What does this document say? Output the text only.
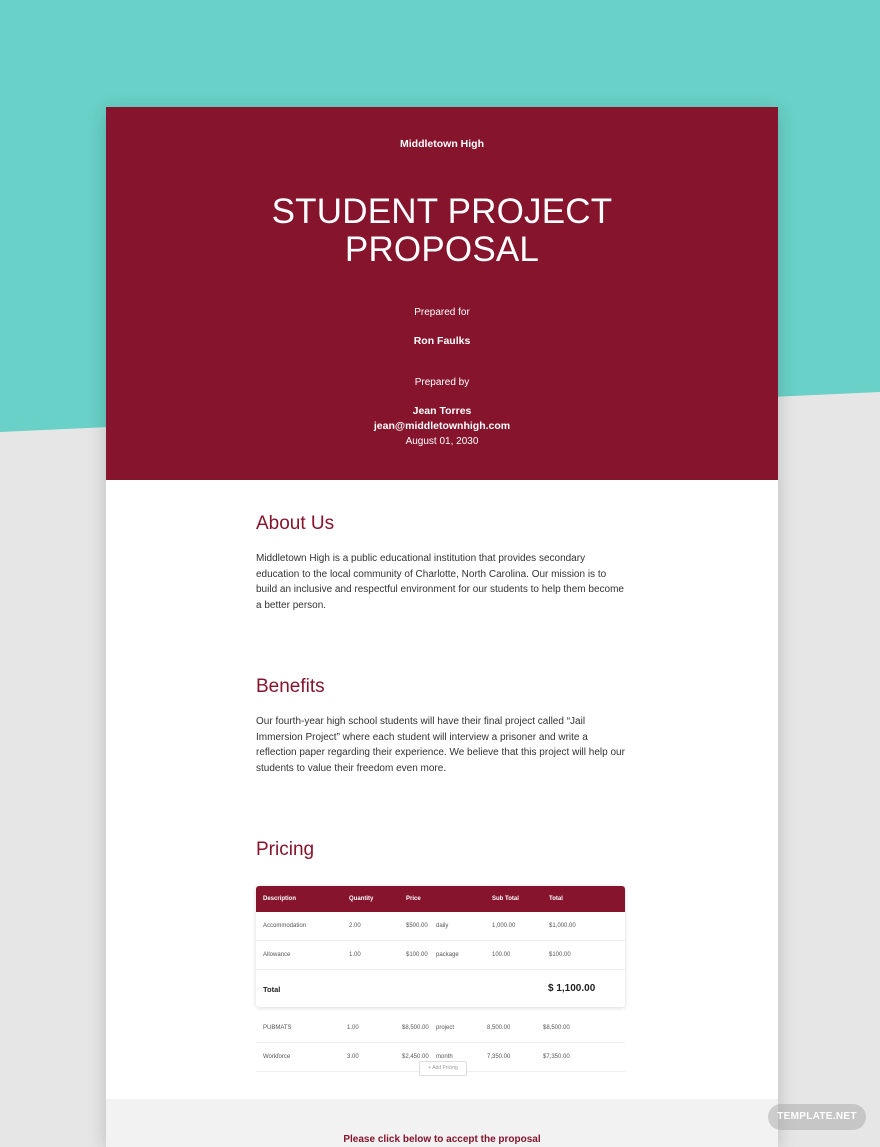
Middletown High
STUDENT PROJECT
PROPOSAL
Prepared for
Ron Faulks
Prepared by
Jean Torres
jean@middletownhigh.com
August 01, 2030
About Us
Middletown High is a public educational institution that provides secondary
education to the local community of Charlotte, North Carolina. Our mission is to
build an inclusive and respectful environment for our students to help them become
a better person.
Benefits
Our fourth-year high school students will have their final project called “Jail
Immersion Project” where each student will interview a prisoner and write a
reflection paper regarding their experience. We believe that this project will help our
students to value their freedom even more.
Pricing
Description	Quantity	Price	Sub Total	Total
Accommodation	2.00	$500.00 daily	1,000.00	$1,000.00
Allowance	1.00	$100.00 package	100.00	$100.00
Total	$ 1,100.00
PUBMATS	1.00	$8,500.00 project	8,500.00	$8,500.00
Workforce	3.00	$2,450.00 month	7,350.00	$7,350.00
+ Add Pricing
Please click below to accept the proposal
TEMPLATE.NET
